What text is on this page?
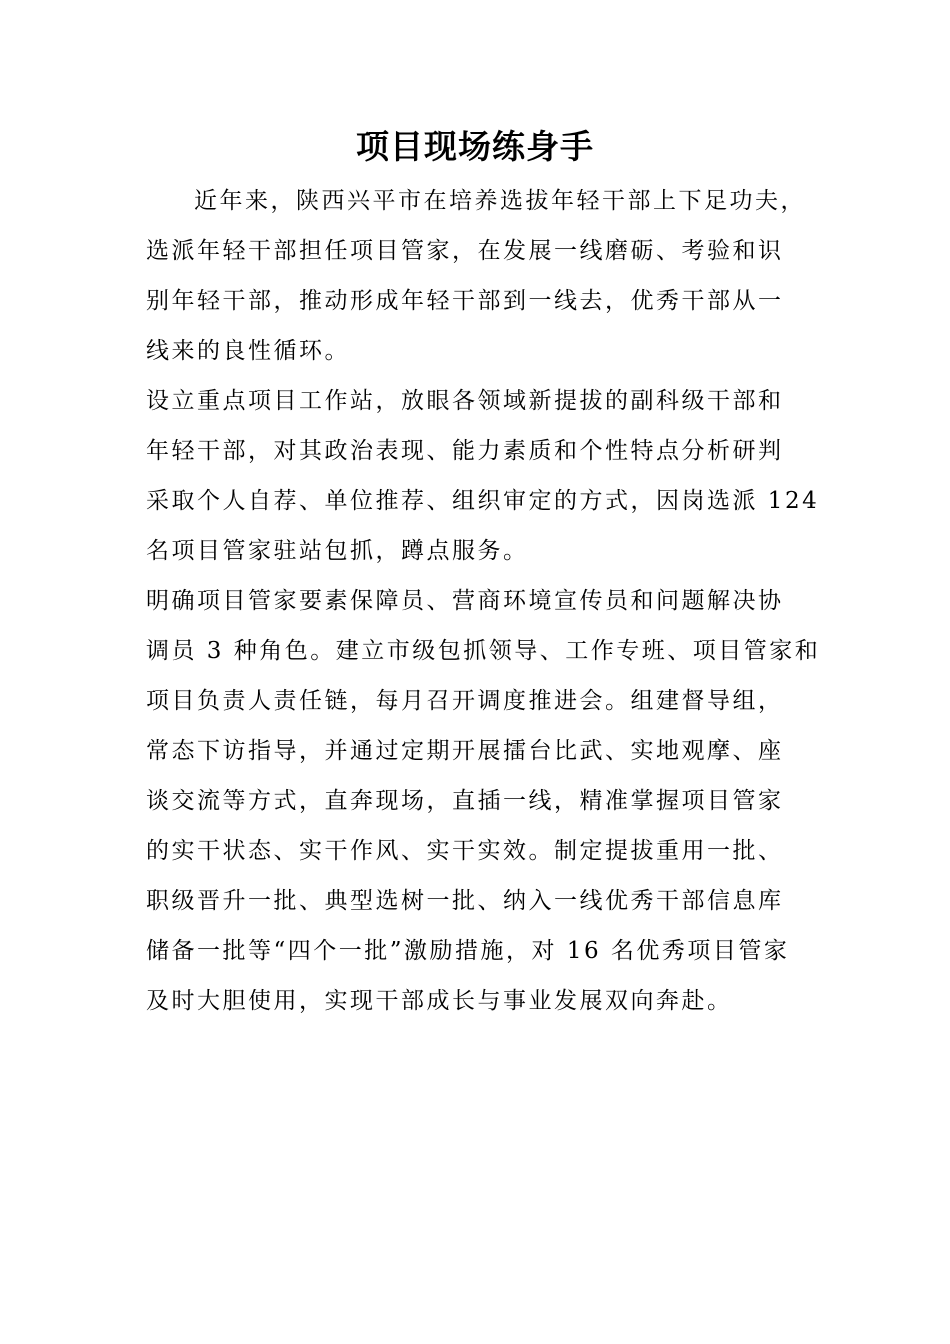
项目现场练身手
近年来，陕西兴平市在培养选拔年轻干部上下足功夫，
选派年轻干部担任项目管家，在发展一线磨砺、考验和识
别年轻干部，推动形成年轻干部到一线去，优秀干部从一
线来的良性循环。
设立重点项目工作站，放眼各领域新提拔的副科级干部和
年轻干部，对其政治表现、能力素质和个性特点分析研判
采取个人自荐、单位推荐、组织审定的方式，因岗选派 124
名项目管家驻站包抓，蹲点服务。
明确项目管家要素保障员、营商环境宣传员和问题解决协
调员 3 种角色。建立市级包抓领导、工作专班、项目管家和
项目负责人责任链，每月召开调度推进会。组建督导组，
常态下访指导，并通过定期开展擂台比武、实地观摩、座
谈交流等方式，直奔现场，直插一线，精准掌握项目管家
的实干状态、实干作风、实干实效。制定提拔重用一批、
职级晋升一批、典型选树一批、纳入一线优秀干部信息库
储备一批等“四个一批”激励措施，对 16 名优秀项目管家
及时大胆使用，实现干部成长与事业发展双向奔赴。
